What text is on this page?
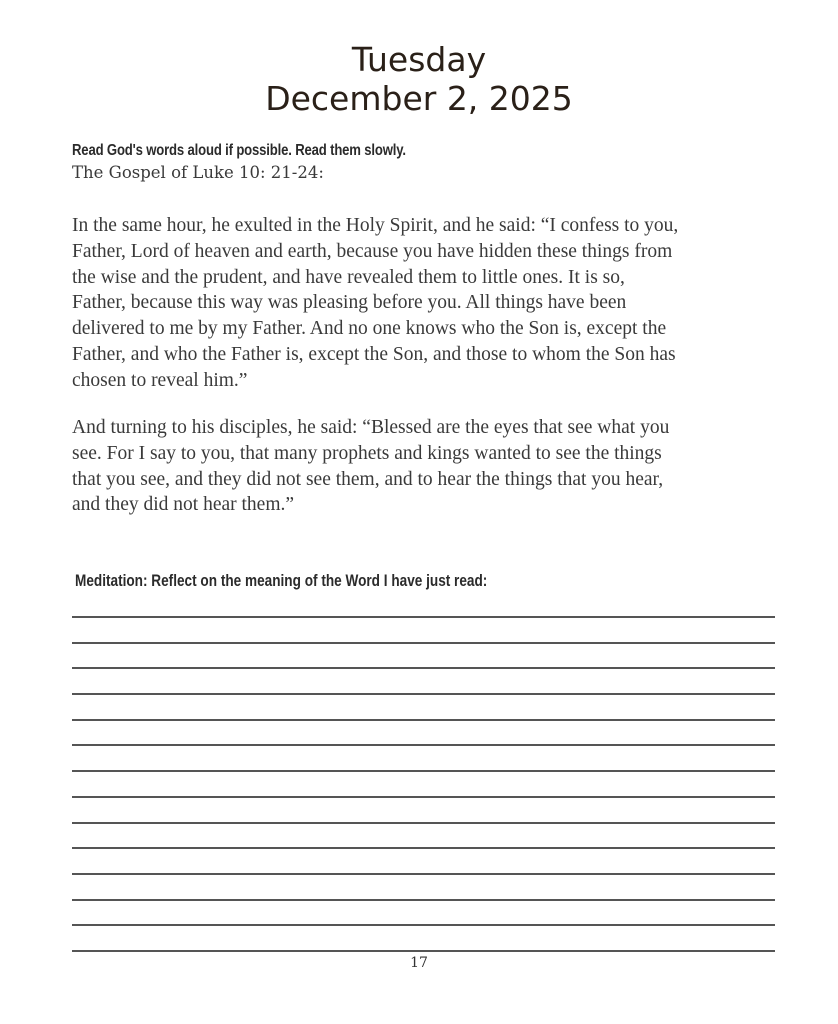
Tuesday
December 2, 2025
Read God's words aloud if possible. Read them slowly.
The Gospel of Luke 10: 21-24:
In the same hour, he exulted in the Holy Spirit, and he said: “I confess to you,
Father, Lord of heaven and earth, because you have hidden these things from
the wise and the prudent, and have revealed them to little ones. It is so,
Father, because this way was pleasing before you. All things have been
delivered to me by my Father. And no one knows who the Son is, except the
Father, and who the Father is, except the Son, and those to whom the Son has
chosen to reveal him.”
And turning to his disciples, he said: “Blessed are the eyes that see what you
see. For I say to you, that many prophets and kings wanted to see the things
that you see, and they did not see them, and to hear the things that you hear,
and they did not hear them.”
Meditation: Reflect on the meaning of the Word I have just read:
17
